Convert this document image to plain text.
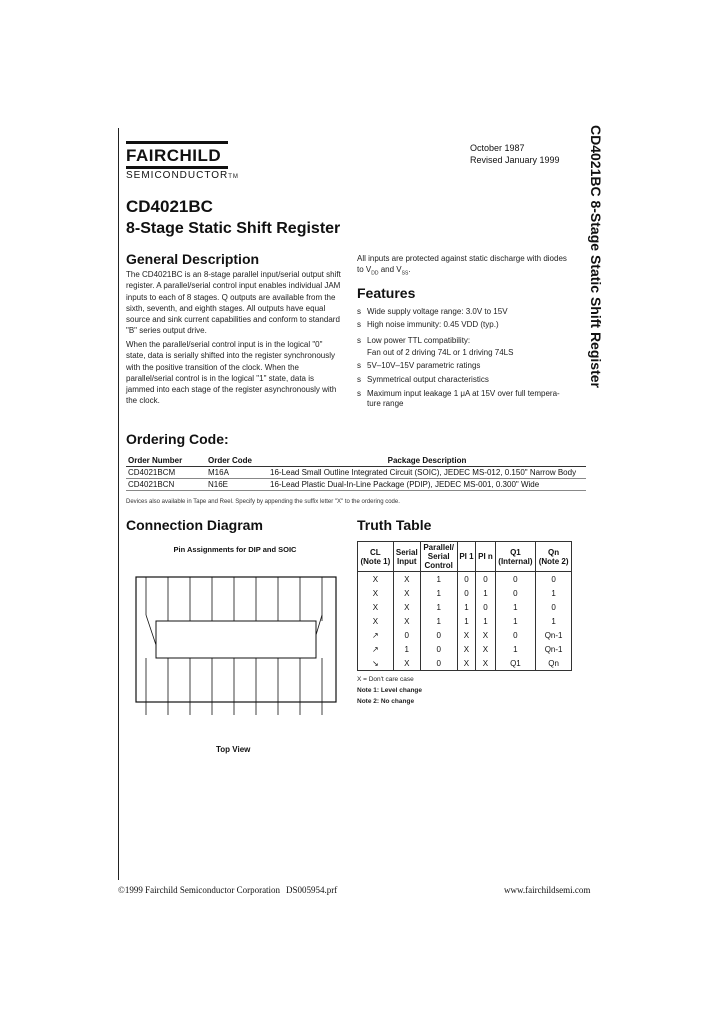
FAIRCHILD
SEMICONDUCTORTM
October 1987
Revised January 1999
CD4021BC
8-Stage Static Shift Register	CD4021BC 8-Stage Static Shift Register
General Description
The CD4021BC is an 8-stage parallel input/serial output shift register. A parallel/serial control input enables individual JAM inputs to each of 8 stages. Q outputs are available from the sixth, seventh, and eighth stages. All outputs have equal source and sink current capabilities and conform to standard "B" series output drive.
When the parallel/serial control input is in the logical "0" state, data is serially shifted into the register synchronously with the positive transition of the clock. When the parallel/serial control is in the logical "1" state, data is jammed into each stage of the register asynchronously with the clock.
All inputs are protected against static discharge with diodes
to $V_{DD}$ and $V_{SS}$.
Features
s Wide supply voltage range: 3.0V to 15V
s High noise immunity: 0.45 VDD (typ.)
s Low power TTL compatibility:
Fan out of 2 driving 74L or 1 driving 74LS
s 5V–10V–15V parametric ratings
s Symmetrical output characteristics
s Maximum input leakage 1 μA at 15V over full tempera-
ture range
Ordering Code:
Order Number	Order Code	Package Description
CD4021BCM	M16A	16-Lead Small Outline Integrated Circuit (SOIC), JEDEC MS-012, 0.150" Narrow Body
CD4021BCN	N16E	16-Lead Plastic Dual-In-Line Package (PDIP), JEDEC MS-001, 0.300" Wide
Devices also available in Tape and Reel. Specify by appending the suffix letter "X" to the ordering code.
Connection Diagram
Pin Assignments for DIP and SOIC
Top View
Truth Table
CL
(Note 1)	Serial
Input	Parallel/
Serial
Control	PI 1	PI n	Q1
(Internal)	Qn
(Note 2)
X	X	1	0	0	0	0
X	X	1	0	1	0	1
X	X	1	1	0	1	0
X	X	1	1	1	1	1
↗	0	0	X	X	0	Qn-1
↗	1	0	X	X	1	Qn-1
↘	X	0	X	X	Q1	Qn
X = Don't care case
Note 1: Level change
Note 2: No change
©1999 Fairchild Semiconductor Corporation DS005954.prf	www.fairchildsemi.com
